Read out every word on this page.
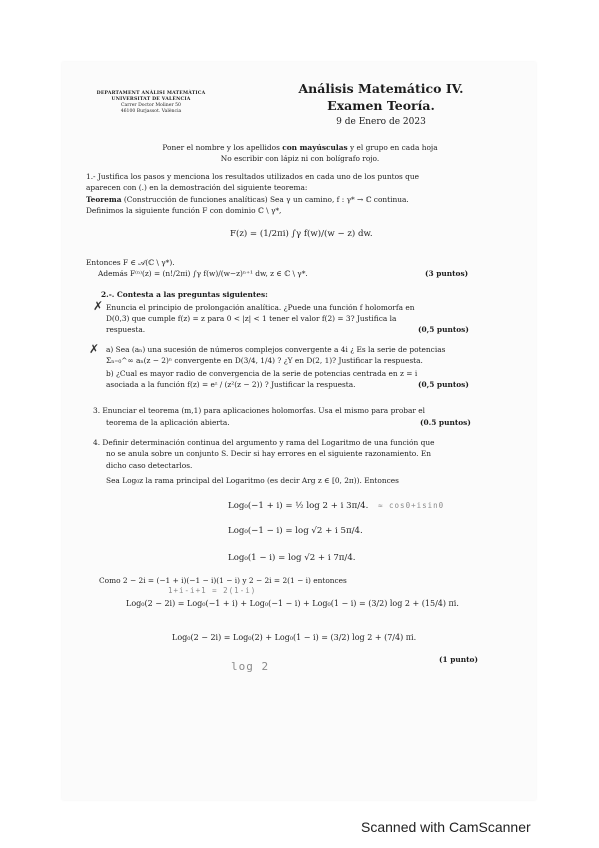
DEPARTAMENT ANÀLISI MATEMÀTICA
UNIVERSITAT DE VALÈNCIA
Carrer Doctor Moliner 50
46100 Burjassot. València
Análisis Matemático IV.
Examen Teoría.
9 de Enero de 2023
Poner el nombre y los apellidos con mayúsculas y el grupo en cada hoja
No escribir con lápiz ni con bolígrafo rojo.
1.- Justifica los pasos y menciona los resultados utilizados en cada uno de los puntos que
aparecen con (.) en la demostración del siguiente teorema:
Teorema (Construcción de funciones analíticas) Sea γ un camino, f : γ* → ℂ continua.
Definimos la siguiente función F con dominio ℂ \ γ*,
F(z) = (1/2πi) ∫γ f(w)/(w − z) dw.
Entonces F ∈ 𝒜(ℂ \ γ*).
Además F⁽ⁿ⁾(z) = (n!/2πi) ∫γ f(w)/(w−z)ⁿ⁺¹ dw, z ∈ ℂ \ γ*.	(3 puntos)
2.-. Contesta a las preguntas siguientes:
✗ Enuncia el principio de prolongación analítica. ¿Puede una función f holomorfa en
D(0,3) que cumple f(z) = z para 0 < |z| < 1 tener el valor f(2) = 3? Justifica la
respuesta.	(0,5 puntos)
✗ a) Sea (aₙ) una sucesión de números complejos convergente a 4i ¿ Es la serie de potencias
Σₙ₌₀^∞ aₙ(z − 2)ⁿ convergente en D(3/4, 1/4) ? ¿Y en D(2, 1)? Justificar la respuesta.
b) ¿Cual es mayor radio de convergencia de la serie de potencias centrada en z = i
asociada a la función f(z) = eᶻ / (z²(z − 2)) ? Justificar la respuesta.	(0,5 puntos)
3. Enunciar el teorema (m,1) para aplicaciones holomorfas. Usa el mismo para probar el
teorema de la aplicación abierta.	(0.5 puntos)
4. Definir determinación continua del argumento y rama del Logaritmo de una función que
no se anula sobre un conjunto S. Decir si hay errores en el siguiente razonamiento. En
dicho caso detectarlos.
Sea Log₀z la rama principal del Logaritmo (es decir Arg z ∈ [0, 2π)). Entonces
Log₀(−1 + i) = ½ log 2 + i 3π/4. ≈ cos0+isin0
Log₀(−1 − i) = log √2 + i 5π/4.
Log₀(1 − i) = log √2 + i 7π/4.
Como 2 − 2i = (−1 + i)(−1 − i)(1 − i) y 2 − 2i = 2(1 − i) entonces
1+i-i+1 = 2(1-i)
Log₀(2 − 2i) = Log₀(−1 + i) + Log₀(−1 − i) + Log₀(1 − i) = (3/2) log 2 + (15/4) πi.
Log₀(2 − 2i) = Log₀(2) + Log₀(1 − i) = (3/2) log 2 + (7/4) πi.
(1 punto)
log 2
Scanned with CamScanner
